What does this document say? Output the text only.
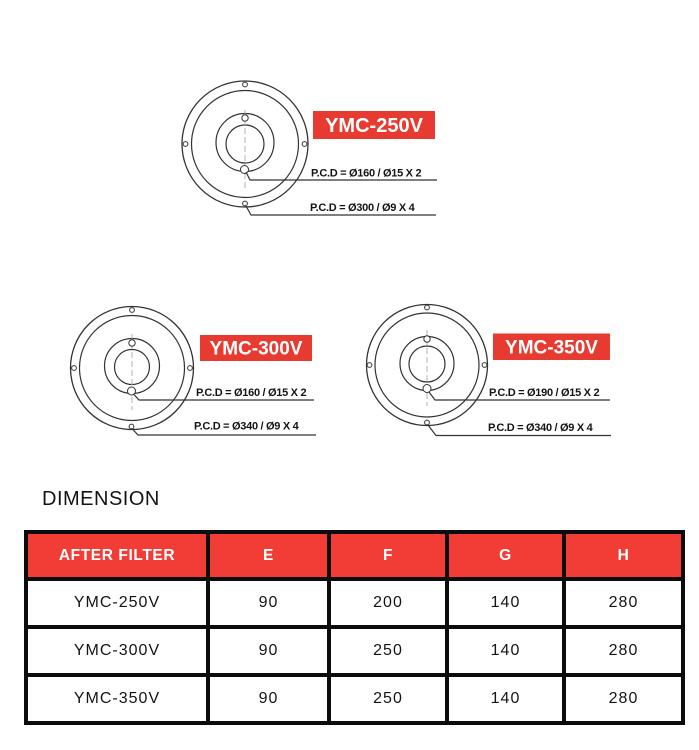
P.C.D = Ø160 / Ø15 X 2
P.C.D = Ø300 / Ø9 X 4
YMC-250V
P.C.D = Ø160 / Ø15 X 2
P.C.D = Ø340 / Ø9 X 4
YMC-300V
P.C.D = Ø190 / Ø15 X 2
P.C.D = Ø340 / Ø9 X 4
YMC-350V
DIMENSION
AFTER FILTER	E	F	G	H
YMC-250V	90	200	140	280
YMC-300V	90	250	140	280
YMC-350V	90	250	140	280
